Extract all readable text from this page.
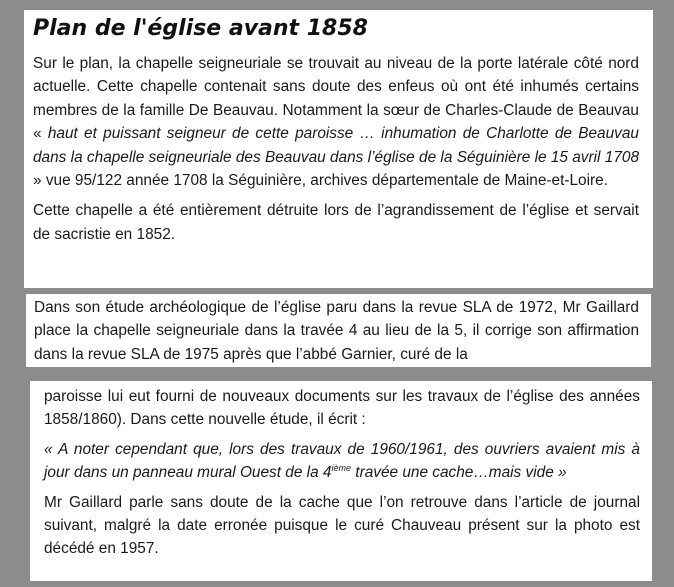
Plan de l'église avant 1858

Sur le plan, la chapelle seigneuriale se trouvait au niveau de la porte latérale côté nord actuelle. Cette chapelle contenait sans doute des enfeus où ont été inhumés certains membres de la famille De Beauvau. Notamment la sœur de Charles-Claude de Beauvau « haut et puissant seigneur de cette paroisse … inhumation de Charlotte de Beauvau dans la chapelle seigneuriale des Beauvau dans l’église de la Séguinière le 15 avril 1708 » vue 95/122 année 1708 la Séguinière, archives départementale de Maine-et-Loire.

Cette chapelle a été entièrement détruite lors de l’agrandissement de l’église et servait de sacristie en 1852.

Dans son étude archéologique de l’église paru dans la revue SLA de 1972, Mr Gaillard place la chapelle seigneuriale dans la travée 4 au lieu de la 5, il corrige son affirmation dans la revue SLA de 1975 après que l’abbé Garnier, curé de la

paroisse lui eut fourni de nouveaux documents sur les travaux de l’église des années 1858/1860). Dans cette nouvelle étude, il écrit :

« A noter cependant que, lors des travaux de 1960/1961, des ouvriers avaient mis à jour dans un panneau mural Ouest de la 4ième travée une cache…mais vide »

Mr Gaillard parle sans doute de la cache que l’on retrouve dans l’article de journal suivant, malgré la date erronée puisque le curé Chauveau présent sur la photo est décédé en 1957.
